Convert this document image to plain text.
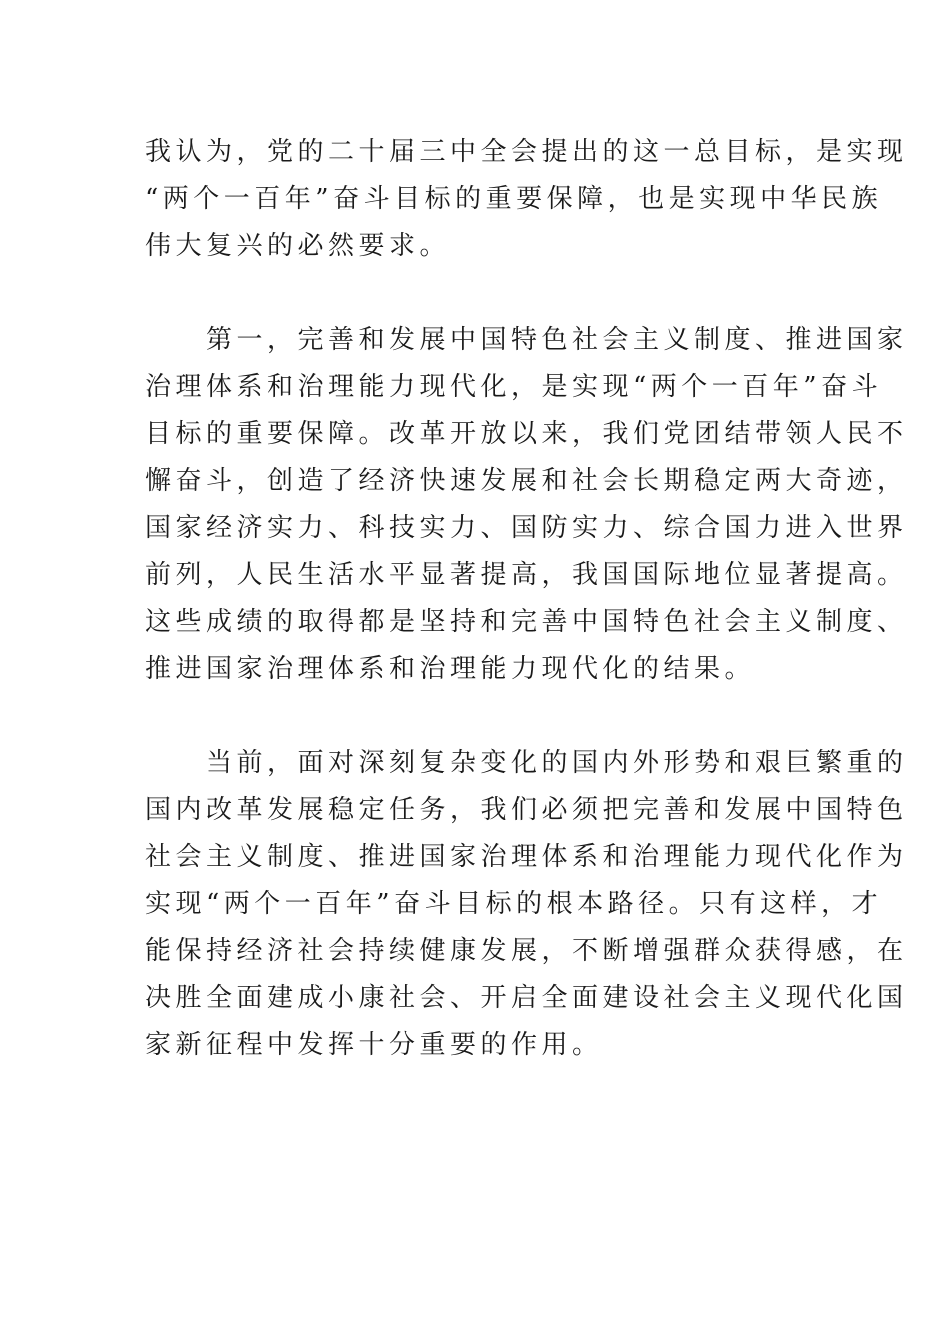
我认为，党的二十届三中全会提出的这一总目标，是实现
“两个一百年”奋斗目标的重要保障，也是实现中华民族
伟大复兴的必然要求。
　　第一，完善和发展中国特色社会主义制度、推进国家
治理体系和治理能力现代化，是实现“两个一百年”奋斗
目标的重要保障。改革开放以来，我们党团结带领人民不
懈奋斗，创造了经济快速发展和社会长期稳定两大奇迹，
国家经济实力、科技实力、国防实力、综合国力进入世界
前列，人民生活水平显著提高，我国国际地位显著提高。
这些成绩的取得都是坚持和完善中国特色社会主义制度、
推进国家治理体系和治理能力现代化的结果。
　　当前，面对深刻复杂变化的国内外形势和艰巨繁重的
国内改革发展稳定任务，我们必须把完善和发展中国特色
社会主义制度、推进国家治理体系和治理能力现代化作为
实现“两个一百年”奋斗目标的根本路径。只有这样，才
能保持经济社会持续健康发展，不断增强群众获得感，在
决胜全面建成小康社会、开启全面建设社会主义现代化国
家新征程中发挥十分重要的作用。
